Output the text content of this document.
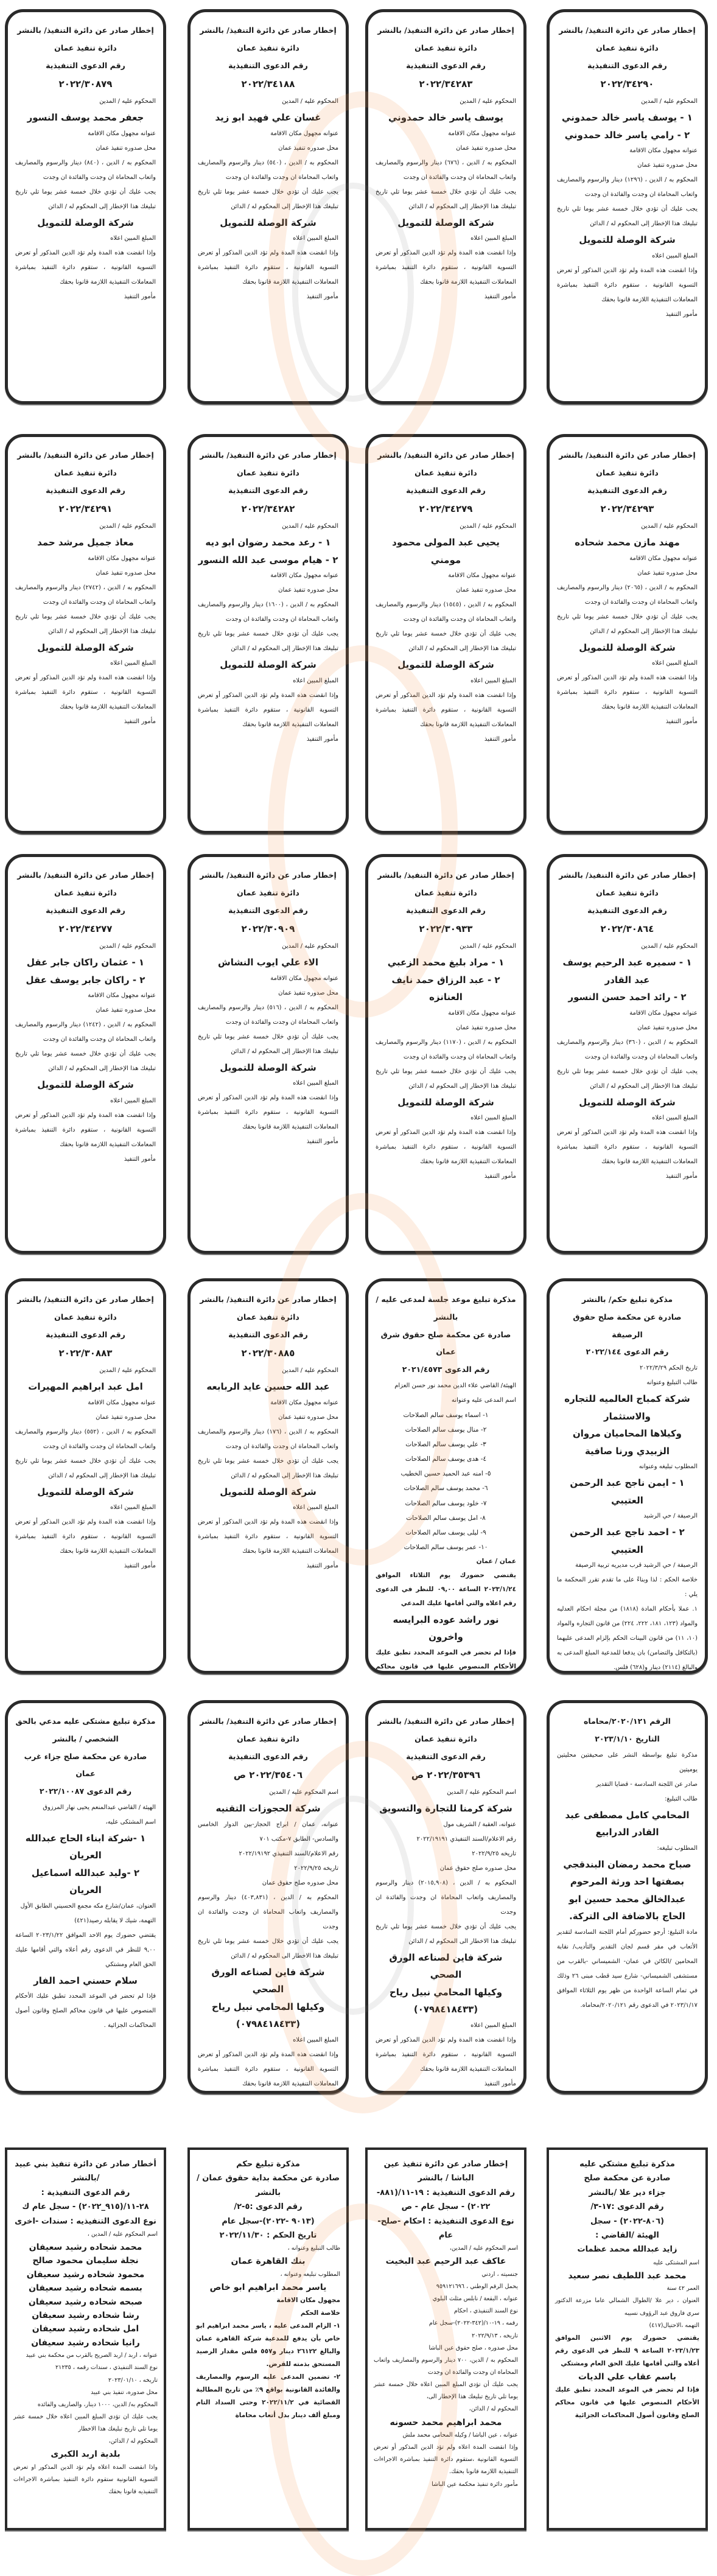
إخطار صادر عن دائرة التنفيذ/ بالنشر

دائرة تنفيذ عمان

رقم الدعوى التنفيذية

٢٠٢٢/٣٤٢٩٠

المحكوم عليه / المدين

١ - يوسف ياسر خالد حمدوني

٢ - رامي ياسر خالد حمدوني

عنوانه مجهول مكان الاقامة

محل صدوره تنفيذ عمان

المحكوم به / الدين ، (١٢٩٦) دينار والرسوم والمصاريف واتعاب المحاماة ان وجدت والفائدة ان وجدت

يجب عليك أن تؤدي خلال خمسة عشر يوما تلي تاريخ تبليغك هذا الإخطار إلى المحكوم له / الدائن

شركة الوصلة للتمويل

المبلغ المبين اعلاه

وإذا انقضت هذه المدة ولم تؤد الدين المذكور أو تعرض التسوية القانونية ، ستقوم دائرة التنفيذ بمباشرة المعاملات التنفيذية اللازمة قانونا بحقك

مأمور التنفيذ

إخطار صادر عن دائرة التنفيذ/ بالنشر

دائرة تنفيذ عمان

رقم الدعوى التنفيذية

٢٠٢٢/٣٤٢٨٣

المحكوم عليه / المدين

يوسف ياسر خالد حمدوني

عنوانه مجهول مكان الاقامة

محل صدوره تنفيذ عمان

المحكوم به / الدين ، (٦٧٦) دينار والرسوم والمصاريف واتعاب المحاماة ان وجدت والفائدة ان وجدت

يجب عليك أن تؤدي خلال خمسة عشر يوما تلي تاريخ تبليغك هذا الإخطار إلى المحكوم له / الدائن

شركة الوصلة للتمويل

المبلغ المبين اعلاه

وإذا انقضت هذه المدة ولم تؤد الدين المذكور أو تعرض التسوية القانونية ، ستقوم دائرة التنفيذ بمباشرة المعاملات التنفيذية اللازمة قانونا بحقك

مأمور التنفيذ

إخطار صادر عن دائرة التنفيذ/ بالنشر

دائرة تنفيذ عمان

رقم الدعوى التنفيذية

٢٠٢٢/٣٤١٨٨

المحكوم عليه / المدين

غسان علي فهيد ابو زيد

عنوانه مجهول مكان الاقامة

محل صدوره تنفيذ عمان

المحكوم به / الدين ، (٥٤٠) دينار والرسوم والمصاريف واتعاب المحاماة ان وجدت والفائدة ان وجدت

يجب عليك أن تؤدي خلال خمسة عشر يوما تلي تاريخ تبليغك هذا الإخطار إلى المحكوم له / الدائن

شركة الوصلة للتمويل

المبلغ المبين اعلاه

وإذا انقضت هذه المدة ولم تؤد الدين المذكور أو تعرض التسوية القانونية ، ستقوم دائرة التنفيذ بمباشرة المعاملات التنفيذية اللازمة قانونا بحقك

مأمور التنفيذ

إخطار صادر عن دائرة التنفيذ/ بالنشر

دائرة تنفيذ عمان

رقم الدعوى التنفيذية

٢٠٢٢/٣٠٨٧٩

المحكوم عليه / المدين

جعفر محمد يوسف النسور

عنوانه مجهول مكان الاقامة

محل صدوره تنفيذ عمان

المحكوم به / الدين ، (٨٤٠) دينار والرسوم والمصاريف واتعاب المحاماة ان وجدت والفائدة ان وجدت

يجب عليك أن تؤدي خلال خمسة عشر يوما تلي تاريخ تبليغك هذا الإخطار إلى المحكوم له / الدائن

شركة الوصلة للتمويل

المبلغ المبين اعلاه

وإذا انقضت هذه المدة ولم تؤد الدين المذكور أو تعرض التسوية القانونية ، ستقوم دائرة التنفيذ بمباشرة المعاملات التنفيذية اللازمة قانونا بحقك

مأمور التنفيذ

إخطار صادر عن دائرة التنفيذ/ بالنشر

دائرة تنفيذ عمان

رقم الدعوى التنفيذية

٢٠٢٢/٣٤٢٩٣

المحكوم عليه / المدين

مهند مازن محمد شحاده

عنوانه مجهول مكان الاقامة

محل صدوره تنفيذ عمان

المحكوم به / الدين ، (٢٠٦٥) دينار والرسوم والمصاريف واتعاب المحاماة ان وجدت والفائدة ان وجدت

يجب عليك أن تؤدي خلال خمسة عشر يوما تلي تاريخ تبليغك هذا الإخطار إلى المحكوم له / الدائن

شركة الوصلة للتمويل

المبلغ المبين اعلاه

وإذا انقضت هذه المدة ولم تؤد الدين المذكور أو تعرض التسوية القانونية ، ستقوم دائرة التنفيذ بمباشرة المعاملات التنفيذية اللازمة قانونا بحقك

مأمور التنفيذ

إخطار صادر عن دائرة التنفيذ/ بالنشر

دائرة تنفيذ عمان

رقم الدعوى التنفيذية

٢٠٢٢/٣٤٢٧٩

المحكوم عليه / المدين

يحيى عبد المولى محمود مومني

عنوانه مجهول مكان الاقامة

محل صدوره تنفيذ عمان

المحكوم به / الدين ، (١٥٤٥) دينار والرسوم والمصاريف واتعاب المحاماة ان وجدت والفائدة ان وجدت

يجب عليك أن تؤدي خلال خمسة عشر يوما تلي تاريخ تبليغك هذا الإخطار إلى المحكوم له / الدائن

شركة الوصلة للتمويل

المبلغ المبين اعلاه

وإذا انقضت هذه المدة ولم تؤد الدين المذكور أو تعرض التسوية القانونية ، ستقوم دائرة التنفيذ بمباشرة المعاملات التنفيذية اللازمة قانونا بحقك

مأمور التنفيذ

إخطار صادر عن دائرة التنفيذ/ بالنشر

دائرة تنفيذ عمان

رقم الدعوى التنفيذية

٢٠٢٢/٣٤٢٨٢

المحكوم عليه / المدين

١ - رعد محمد رضوان ابو ديه

٢ - هيام موسى عبد الله النسور

عنوانه مجهول مكان الاقامة

محل صدوره تنفيذ عمان

المحكوم به / الدين ، (١٦٠٠) دينار والرسوم والمصاريف واتعاب المحاماة ان وجدت والفائدة ان وجدت

يجب عليك أن تؤدي خلال خمسة عشر يوما تلي تاريخ تبليغك هذا الإخطار إلى المحكوم له / الدائن

شركة الوصلة للتمويل

المبلغ المبين اعلاه

وإذا انقضت هذه المدة ولم تؤد الدين المذكور أو تعرض التسوية القانونية ، ستقوم دائرة التنفيذ بمباشرة المعاملات التنفيذية اللازمة قانونا بحقك

مأمور التنفيذ

إخطار صادر عن دائرة التنفيذ/ بالنشر

دائرة تنفيذ عمان

رقم الدعوى التنفيذية

٢٠٢٢/٣٤٢٩١

المحكوم عليه / المدين

معاذ جميل مرشد حمد

عنوانه مجهول مكان الاقامة

محل صدوره تنفيذ عمان

المحكوم به / الدين ، (٢٧٤٢) دينار والرسوم والمصاريف واتعاب المحاماة ان وجدت والفائدة ان وجدت

يجب عليك أن تؤدي خلال خمسة عشر يوما تلي تاريخ تبليغك هذا الإخطار إلى المحكوم له / الدائن

شركة الوصلة للتمويل

المبلغ المبين اعلاه

وإذا انقضت هذه المدة ولم تؤد الدين المذكور أو تعرض التسوية القانونية ، ستقوم دائرة التنفيذ بمباشرة المعاملات التنفيذية اللازمة قانونا بحقك

مأمور التنفيذ

إخطار صادر عن دائرة التنفيذ/ بالنشر

دائرة تنفيذ عمان

رقم الدعوى التنفيذية

٢٠٢٢/٣٠٨٦٤

المحكوم عليه / المدين

١ - سميره عبد الرحيم يوسف عبد القادر

٢ - رائد احمد حسن النسور

عنوانه مجهول مكان الاقامة

محل صدوره تنفيذ عمان

المحكوم به / الدين ، (٣٦٠) دينار والرسوم والمصاريف واتعاب المحاماة ان وجدت والفائدة ان وجدت

يجب عليك أن تؤدي خلال خمسة عشر يوما تلي تاريخ تبليغك هذا الإخطار إلى المحكوم له / الدائن

شركة الوصلة للتمويل

المبلغ المبين اعلاه

وإذا انقضت هذه المدة ولم تؤد الدين المذكور أو تعرض التسوية القانونية ، ستقوم دائرة التنفيذ بمباشرة المعاملات التنفيذية اللازمة قانونا بحقك

مأمور التنفيذ

إخطار صادر عن دائرة التنفيذ/ بالنشر

دائرة تنفيذ عمان

رقم الدعوى التنفيذية

٢٠٢٢/٣٠٩٣٣

المحكوم عليه / المدين

١ - مراد بليغ محمد الزعبي

٢ - عبد الرزاق حمد نايف العنانزه

عنوانه مجهول مكان الاقامة

محل صدوره تنفيذ عمان

المحكوم به / الدين ، (١١٧٠) دينار والرسوم والمصاريف واتعاب المحاماة ان وجدت والفائدة ان وجدت

يجب عليك أن تؤدي خلال خمسة عشر يوما تلي تاريخ تبليغك هذا الإخطار إلى المحكوم له / الدائن

شركة الوصلة للتمويل

المبلغ المبين اعلاه

وإذا انقضت هذه المدة ولم تؤد الدين المذكور أو تعرض التسوية القانونية ، ستقوم دائرة التنفيذ بمباشرة المعاملات التنفيذية اللازمة قانونا بحقك

مأمور التنفيذ

إخطار صادر عن دائرة التنفيذ/ بالنشر

دائرة تنفيذ عمان

رقم الدعوى التنفيذية

٢٠٢٢/٣٠٩٠٩

المحكوم عليه / المدين

الاء علي ايوب النشاش

عنوانه مجهول مكان الاقامة

محل صدوره تنفيذ عمان

المحكوم به / الدين ، (٥١٦) دينار والرسوم والمصاريف واتعاب المحاماة ان وجدت والفائدة ان وجدت

يجب عليك أن تؤدي خلال خمسة عشر يوما تلي تاريخ تبليغك هذا الإخطار إلى المحكوم له / الدائن

شركة الوصلة للتمويل

المبلغ المبين اعلاه

وإذا انقضت هذه المدة ولم تؤد الدين المذكور أو تعرض التسوية القانونية ، ستقوم دائرة التنفيذ بمباشرة المعاملات التنفيذية اللازمة قانونا بحقك

مأمور التنفيذ

إخطار صادر عن دائرة التنفيذ/ بالنشر

دائرة تنفيذ عمان

رقم الدعوى التنفيذية

٢٠٢٢/٣٤٢٧٧

المحكوم عليه / المدين

١ - عثمان راكان جابر عقل

٢ - راكان جابر يوسف عقل

عنوانه مجهول مكان الاقامة

محل صدوره تنفيذ عمان

المحكوم به / الدين ، (١٢٤٢) دينار والرسوم والمصاريف واتعاب المحاماة ان وجدت والفائدة ان وجدت

يجب عليك أن تؤدي خلال خمسة عشر يوما تلي تاريخ تبليغك هذا الإخطار إلى المحكوم له / الدائن

شركة الوصلة للتمويل

المبلغ المبين اعلاه

وإذا انقضت هذه المدة ولم تؤد الدين المذكور أو تعرض التسوية القانونية ، ستقوم دائرة التنفيذ بمباشرة المعاملات التنفيذية اللازمة قانونا بحقك

مأمور التنفيذ

مذكرة تبليغ حكم/ بالنشر

صادرة عن محكمة صلح حقوق الرصيفة

رقم الدعوى ٢٠٢٢/١٤٤

تاريخ الحكم ٢٠٢٢/٣/٢٩

طالب التبليغ وعنوانه

شركة كمباج العالميه للتجاره والاستثمار

وكيلاها المحاميان مروان الزبيدي ورنا صافية

المطلوب تبليغه وعنوانه

١ - ايمن ناجح عبد الرحمن العتيبي

الرصيفة / حي الرشيد

٢ - احمد ناجح عبد الرحمن العتيبي

الرصيفة / حي الرشيد قرب مديريه تربية الرصيفة

خلاصة الحكم : لذا وبناءً على ما تقدم تقرر المحكمة ما يلي :

١. عملا بأحكام المادة (١٨١٨) من مجلة احكام العدليه والمواد (١٢٣، ١٨١، ٢٢٢، ٢٢٤) من قانون التجاره والمواد (١٠، ١١) من قانون البينات الحكم بإلزام المدعى عليهما (بالتكافل والتضامن) بان يدفعا للمدعية المبلغ المدعى به والبالغ (٢١١٤) دينار و(٦٢٨) فلس.

مذكرة تبليغ موعد جلسة لمدعى عليه / بالنشر

صادرة عن محكمة صلح حقوق شرق عمان

رقم الدعوى ٢٠٢١/٤٥٧٣

الهيئة/ القاضي علاء الدين محمد نور حسن العزام

اسم المدعى عليه وعنوانه

١- اسماء يوسف سالم الصلاحات

٢- منال يوسف سالم الصلاحات

٣- علي يوسف سالم الصلاحات

٤- هدى يوسف سالم الصلاحات

٥- امنه عبد الحميد حسين الخطيب

٦- محمد يوسف سالم الصلاحات

٧- خلود يوسف سالم الصلاحات

٨- امل يوسف سالم الصلاحات

٩- ليلى يوسف سالم الصلاحات

١٠- عمر يوسف سالم الصلاحات

عمان / عمان

يقتضي حضورك يوم الثلاثاء الموافق ٢٠٢٣/١/٢٤ الساعة ٠٩,٠٠ للنظر في الدعوى رقم اعلاه والتي أقامها عليك المدعي

نور راشد عوده البرايسه واخرون

فإذا لم تحضر في الموعد المحدد تطبق عليك الأحكام المنصوص عليها في قانون محاكم

إخطار صادر عن دائرة التنفيذ/ بالنشر

دائرة تنفيذ عمان

رقم الدعوى التنفيذية

٢٠٢٢/٣٠٨٨٥

المحكوم عليه / المدين

عبد الله حسين عايد الربابعه

عنوانه مجهول مكان الاقامة

محل صدوره تنفيذ عمان

المحكوم به / الدين ، (١٧٦) دينار والرسوم والمصاريف واتعاب المحاماة ان وجدت والفائدة ان وجدت

يجب عليك أن تؤدي خلال خمسة عشر يوما تلي تاريخ تبليغك هذا الإخطار إلى المحكوم له / الدائن

شركة الوصلة للتمويل

المبلغ المبين اعلاه

وإذا انقضت هذه المدة ولم تؤد الدين المذكور أو تعرض التسوية القانونية ، ستقوم دائرة التنفيذ بمباشرة المعاملات التنفيذية اللازمة قانونا بحقك

مأمور التنفيذ

إخطار صادر عن دائرة التنفيذ/ بالنشر

دائرة تنفيذ عمان

رقم الدعوى التنفيذية

٢٠٢٢/٣٠٨٨٣

المحكوم عليه / المدين

امل عبد ابراهيم المهيرات

عنوانه مجهول مكان الاقامة

محل صدوره تنفيذ عمان

المحكوم به / الدين ، (٥٥٢) دينار والرسوم والمصاريف واتعاب المحاماة ان وجدت والفائدة ان وجدت

يجب عليك أن تؤدي خلال خمسة عشر يوما تلي تاريخ تبليغك هذا الإخطار إلى المحكوم له / الدائن

شركة الوصلة للتمويل

المبلغ المبين اعلاه

وإذا انقضت هذه المدة ولم تؤد الدين المذكور أو تعرض التسوية القانونية ، ستقوم دائرة التنفيذ بمباشرة المعاملات التنفيذية اللازمة قانونا بحقك

مأمور التنفيذ

الرقم ٢٠٢٠/١٢١/محاماه

التاريخ ٢٠٢٣/١/١٠

مذكرة تبليغ بواسطة النشر على صحيفتين محليتين يوميتين

صادر عن اللجنة السادسة - قضايا التقدير

طالب التبليغ:

المحامي كامل مصطفى عبد القادر الدرابيع

المطلوب تبليغه:

صباح محمد رمضان البندقجي بصفتها احد ورثة المرحوم عبدالخالق محمد حسين ابو الحاج بالاضافة الى التركة.

مادة التبليغ: أرجو حضوركم أمام اللجنة السادسة لتقدير الأتعاب في مقر قسم لجان التقدير والتأديب/ نقابة المحامين /الكائن في عمان- الشميساني -بالقرب من مستشفى الشميساني- شارع سيد قطب مبنى ٢٦ وذلك في تمام الساعة الواحدة من ظهر يوم الثلاثاء الموافق ٢٠٢٣/١/١٧ في الدعوى رقم ٢٠٢٠/١٢١/محاماه.

إخطار صادر عن دائرة التنفيذ/ بالنشر

دائرة تنفيذ عمان

رقم الدعوى التنفيذية

٢٠٢٢/٣٥٣٩٦ ص

اسم المحكوم عليه / المدين

شركة كرمنا للتجارة والتسويق

عنوانه، العقبة / الشريف مول

رقم الاعلام/السند التنفيذي ٢٠٢٢/١٩١٩١

تاريخه ٢٠٢٢/٩/٢٥

محل صدوره صلح حقوق عمان

المحكوم به / الدين ، (٢٠١٥,٩٠٨) دينار والرسوم والمصاريف واتعاب المحاماة ان وجدت والفائدة ان وجدت

يجب عليك أن تؤدي خلال خمسة عشر يوما تلي تاريخ تبليغك هذا الاخطار الى المحكوم له / الدائن

شركة فاين لصناعه الورق الصحي

وكيلها المحامي نبيل رياح

(٠٧٩٨٤١٨٤٣٣)

المبلغ المبين اعلاه

وإذا انقضت هذه المدة ولم تؤد الدين المذكور أو تعرض التسوية القانونية ، ستقوم دائرة التنفيذ بمباشرة المعاملات التنفيذية اللازمة قانونا بحقك

مأمور التنفيذ

إخطار صادر عن دائرة التنفيذ/ بالنشر

دائرة تنفيذ عمان

رقم الدعوى التنفيذية

٢٠٢٢/٣٥٤٠٦ ص

اسم المحكوم عليه / المدين

شركة الحجوزات التقنيه

عنوانه، عمان / ابراج الحجاز-بين الدوار الخامس والسادس- الطابق ٧-مكتب ٧٠١

رقم الاعلام/السند التنفيذي ٢٠٢٢/١٩١٩٢

تاريخه ٢٠٢٢/٩/٢٥

محل صدوره صلح حقوق عمان

المحكوم به / الدين ، (٤٠٣,٨٣١) دينار والرسوم والمصاريف واتعاب المحاماة ان وجدت والفائدة ان وجدت

يجب عليك أن تؤدي خلال خمسة عشر يوما تلي تاريخ تبليغك هذا الاخطار الى المحكوم له / الدائن

شركة فاين لصناعه الورق الصحي

وكيلها المحامي نبيل رياح

(٠٧٩٨٤١٨٤٣٣)

المبلغ المبين اعلاه

وإذا انقضت هذه المدة ولم تؤد الدين المذكور أو تعرض التسوية القانونية ، ستقوم دائرة التنفيذ بمباشرة المعاملات التنفيذية اللازمة قانونا بحقك

مذكرة تبليغ مشتكى عليه مدعي بالحق الشخصي / بالنشر

صادرة عن محكمة صلح جزاء غرب عمان

رقم الدعوى ٢٠٢٢/١٠٠٨٧

الهيئة / القاضي عبدالمنعم يحيى نهار المرزوق

اسم المشتكى عليه،

١ -شركة ابناء الحاج عبدالله العريان

٢ -وليد عبدالله اسماعيل العريان

العنوان، عمان/شارع مكه مجمع الحسيني الطابق الأول

التهمة، شيك لا يقابله رصيد(٤٢١)

يقتضي حضورك يوم الاحد الموافق ٢٠٢٣/١/٢٢ الساعة ٩,٠٠ للنظر في الدعوى رقم أعلاه والتي أقامها عليك الحق العام ومشتكي

سلام حسني احمد الفار

فإذا لم تحضر في الموعد المحدد تطبق عليك الأحكام المنصوص عليها في قانون محاكم الصلح وقانون أصول المحاكمات الجزائية .

مذكرة تبليغ مشتكي عليه

صادرة عن محكمة صلح

جزاء دير علا /بالنشر

رقم الدعوى :١٧-٣/

(٨٠٦-٢٠٢٢) - سجل

الهيئة /القاضي :

زايد عبدالله محمد عظمات

اسم المشتكى عليه

محمد عبد اللطيف نصر سعيد

العمر ٤٢ سنة

العنوان ، دير علا /الطوال الشمالي عاما مزرعة الدكتور سري فاروق عبد الرؤوف نسيبه

التهمه ،الاحتيال(٤١٧)

يقتضي حضورك يوم الاثنين الموافق ٢٠٢٣/١/٢٣ الساعة ٩ للنظر في الدعوى رقم أعلاه والتي أقامها عليك الحق العام ومشتكي

باسم عقاب علي الديات

فإذا لم تحضر في الموعد المحدد تطبق عليك الأحكام المنصوص عليها في قانون محاكم الصلح وقانون أصول المحاكمات الجزائية

إخطار صادر عن دائرة تنفيذ عين الباشا / بالنشر

رقم الدعوى التنفيذية : ١٩-١١/(٨٨١- ٢٠٢٢) - سجل عام - ص

نوع الدعوى التنفيذية : احكام -صلح-عام

اسم المحكوم عليه / المدين،

عاكف عبد الرحيم عبد البخيت

جنسيته ، اردني

يحمل الرقم الوطني ، ٩٥٩١٢١٦٩٦

عنوانه ، البقعة / نابلس مثلث البلوي

نوع السند التنفيذي ، احكام

رقمه ، ١٩-١٠/(٣٤٢-٢٠٢٢)-سجل عام

تاريخه ، ٢٠٢٢/٩/١٣

محل صدوره ، صلح حقوق عين الباشا

المحكوم به / الدين، ٧٠٠ دينار والرسوم والمصاريف واتعاب المحاماة ان وجدت والفائدة ان وجدت

يجب عليك أن تؤدي المبلغ المبين اعلاه خلال خمسة عشر يوما تلي تاريخ تبليغك هذا الإخطار الى،

المحكوم له / الدائن،

محمد ابراهيم محمد حسونه

عنوانه ، عين الباشا / وكيله المحامي محمد ملش

وإذا انقضت المدة اعلاه ولم تؤد الدين المذكور أو تعرض التسوية القانونية ،ستقوم دائرة التنفيذ بمباشرة الاجراءات التنفيذية اللازمة قانونا بحقك.

مأمور دائرة تنفيذ محكمة عين الباشا

مذكرة تبليغ حكم

صادرة عن محكمة بداية حقوق عمان / بالنشر

رقم الدعوى :٥-٢/

(٩٠١٣ -٢٠٢٢)-سجل عام

تاريخ الحكم : ٢٠٢٢/١١/٣٠

طالب التبليغ وعنوانه ،

بنك القاهرة عمان

المطلوب تبليغه وعنوانه ،

ياسر محمد ابراهيم ابو خاص

مجهول مكان الاقامة

خلاصة الحكم

١- الزام المدعى عليه ، ياسر محمد ابراهيم ابو خاص بأن يدفع للمدعية شركة القاهرة عمان والبالغ ٢٦١٢٢ دينار و٥٥٧ فلس مقدار الرصيد المستحق بذمته للقرض.

٢- تضمين المدعى عليه الرسوم والمصاريف والفائدة القانونية بواقع ٩٪ من تاريخ المطالبة القضائية في ٢٠٢٢/١١/٢ وحتى السداد التام ومبلغ ألف دينار بدل أتعاب محاماة

أخطار صادر عن دائرة تنفيذ بني عبيد /بالنشر

رقم الدعوى التنفيذية : ٢٨-١١/(٩١٥_٢٠٢٢) - سجل عام ك

نوع الدعوى التنفيذيه : سندات -اخرى

اسم المحكوم عليه / المدين ،

محمد شحاده رشيد سعيفان

نجلة سليمان محمود صالح

محمود شحاده رشيد سعيفان

بسمه شحاده رشيد سعيفان

صبحه شحاده رشيد سعيفان

رشا شحاده رشيد سعيفان

امل شحاده رشيد سعيفان

رانيا شحاده رشيد سعيفان

عنوانه ، اربد / اربد الصريح بالقرب من محكمة بني عبيد

نوع السند التنفيذي ، سندات رقمه ، ٢١٢٣٥

تاريخه ، ٢٠٢٣/٠١/١٠

محل صدوره، تنفيذ بني عبيد

المحكوم به/ الدين، ١٠٠٠ دينار، والصاريف والفائده

يجب عليك ان تؤدي المبلغ المبين اعلاه خلال خمسة عشر يوما تلي تاريخ تبليغك هذا الاخطار

المحكوم له / الدائن،

بلدية اربد الكبرى

واذا انقضت المدة اعلاه ولم تؤد الدين المذكور او تعرض التسوية القانونية ستقوم دائرة التنفيذ بمباشرة الاجراءات التنفيذيه قانونا بحقك
